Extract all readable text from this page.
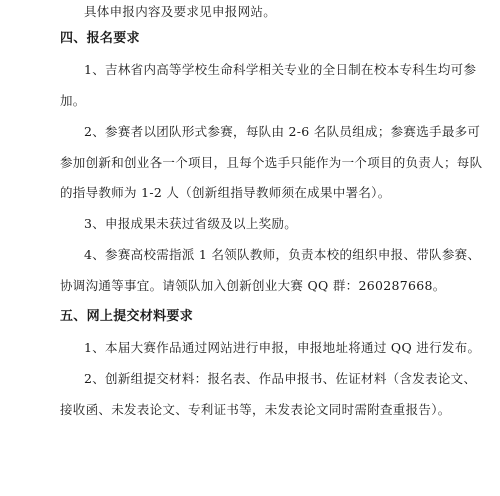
具体申报内容及要求见申报网站。
四、报名要求
1、吉林省内高等学校生命科学相关专业的全日制在校本专科生均可参
加。
2、参赛者以团队形式参赛，每队由 2-6 名队员组成；参赛选手最多可
参加创新和创业各一个项目，且每个选手只能作为一个项目的负责人；每队
的指导教师为 1-2 人（创新组指导教师须在成果中署名）。
3、申报成果未获过省级及以上奖励。
4、参赛高校需指派 1 名领队教师，负责本校的组织申报、带队参赛、
协调沟通等事宜。请领队加入创新创业大赛 QQ 群：260287668。
五、网上提交材料要求
1、本届大赛作品通过网站进行申报，申报地址将通过 QQ 进行发布。
2、创新组提交材料：报名表、作品申报书、佐证材料（含发表论文、
接收函、未发表论文、专利证书等，未发表论文同时需附查重报告）。
